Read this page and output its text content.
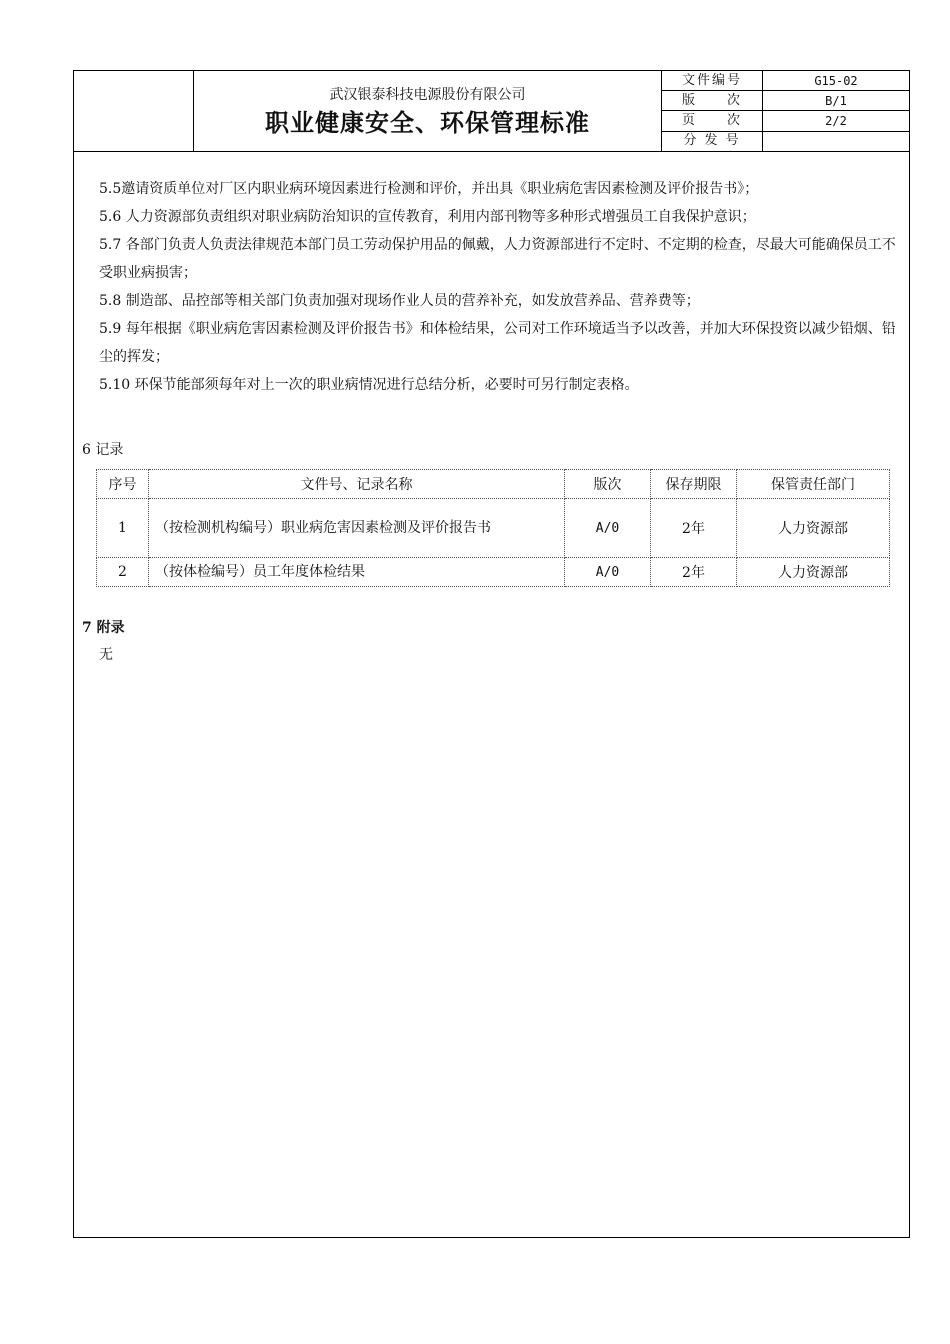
武汉银泰科技电源股份有限公司
职业健康安全、环保管理标准
文件编号	G15-02
版　　次	B/1
页　　次	2/2
分 发 号	
5.5邀请资质单位对厂区内职业病环境因素进行检测和评价，并出具《职业病危害因素检测及评价报告书》；
5.6 人力资源部负责组织对职业病防治知识的宣传教育，利用内部刊物等多种形式增强员工自我保护意识；
5.7 各部门负责人负责法律规范本部门员工劳动保护用品的佩戴，人力资源部进行不定时、不定期的检查，尽最大可能确保员工不受职业病损害；
5.8 制造部、品控部等相关部门负责加强对现场作业人员的营养补充，如发放营养品、营养费等；
5.9 每年根据《职业病危害因素检测及评价报告书》和体检结果，公司对工作环境适当予以改善，并加大环保投资以减少铅烟、铅尘的挥发；
5.10 环保节能部须每年对上一次的职业病情况进行总结分析，必要时可另行制定表格。
6 记录
序号	文件号、记录名称	版次	保存期限	保管责任部门
1	（按检测机构编号）职业病危害因素检测及评价报告书	A/0	2年	人力资源部
2	（按体检编号）员工年度体检结果	A/0	2年	人力资源部
7 附录
无
